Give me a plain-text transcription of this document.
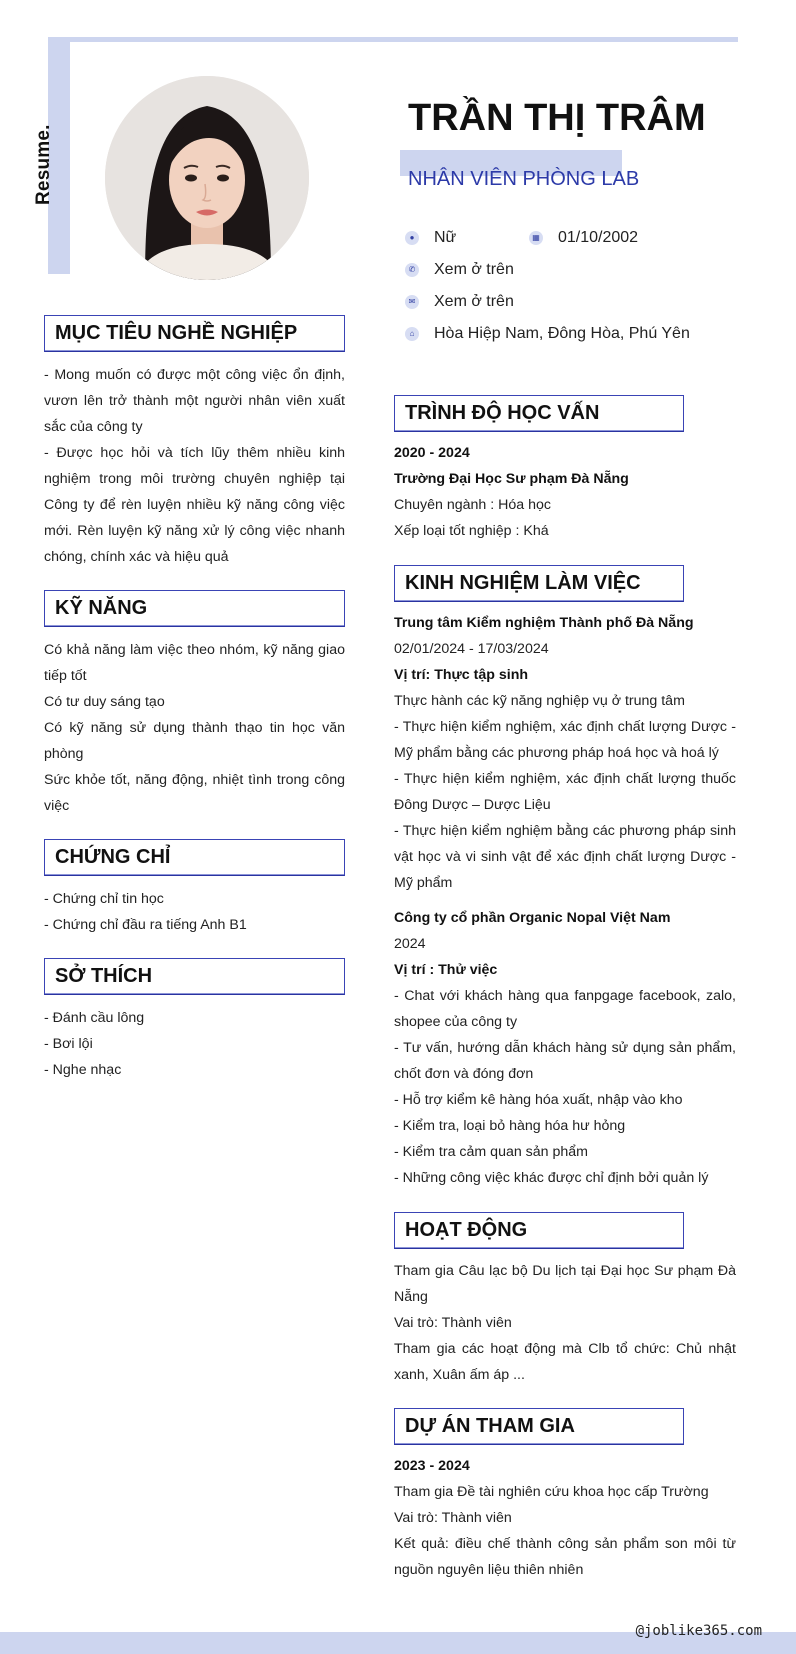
Resume.
TRẦN THỊ TRÂM
NHÂN VIÊN PHÒNG LAB
● Nữ	▦ 01/10/2002
✆ Xem ở trên
✉ Xem ở trên
⌂ Hòa Hiệp Nam, Đông Hòa, Phú Yên
MỤC TIÊU NGHỀ NGHIỆP

- Mong muốn có được một công việc ổn định, vươn lên trở thành một người nhân viên xuất sắc của công ty

- Được học hỏi và tích lũy thêm nhiều kinh nghiệm trong môi trường chuyên nghiệp tại Công ty để rèn luyện nhiều kỹ năng công việc mới. Rèn luyện kỹ năng xử lý công việc nhanh chóng, chính xác và hiệu quả

KỸ NĂNG

Có khả năng làm việc theo nhóm, kỹ năng giao tiếp tốt

Có tư duy sáng tạo

Có kỹ năng sử dụng thành thạo tin học văn phòng

Sức khỏe tốt, năng động, nhiệt tình trong công việc

CHỨNG CHỈ

- Chứng chỉ tin học

- Chứng chỉ đầu ra tiếng Anh B1

SỞ THÍCH

- Đánh cầu lông

- Bơi lội

- Nghe nhạc

TRÌNH ĐỘ HỌC VẤN

2020 - 2024

Trường Đại Học Sư phạm Đà Nẵng

Chuyên ngành : Hóa học

Xếp loại tốt nghiệp : Khá

KINH NGHIỆM LÀM VIỆC

Trung tâm Kiểm nghiệm Thành phố Đà Nẵng

02/01/2024 - 17/03/2024

Vị trí: Thực tập sinh

Thực hành các kỹ năng nghiệp vụ ở trung tâm

- Thực hiện kiểm nghiệm, xác định chất lượng Dược - Mỹ phẩm bằng các phương pháp hoá học và hoá lý

- Thực hiện kiểm nghiệm, xác định chất lượng thuốc Đông Dược – Dược Liệu

- Thực hiện kiểm nghiệm bằng các phương pháp sinh vật học và vi sinh vật để xác định chất lượng Dược - Mỹ phẩm

Công ty cổ phần Organic Nopal Việt Nam

2024

Vị trí : Thử việc

- Chat với khách hàng qua fanpgage facebook, zalo, shopee của công ty

- Tư vấn, hướng dẫn khách hàng sử dụng sản phẩm, chốt đơn và đóng đơn

- Hỗ trợ kiểm kê hàng hóa xuất, nhập vào kho

- Kiểm tra, loại bỏ hàng hóa hư hỏng

- Kiểm tra cảm quan sản phẩm

- Những công việc khác được chỉ định bởi quản lý

HOẠT ĐỘNG

Tham gia Câu lạc bộ Du lịch tại Đại học Sư phạm Đà Nẵng

Vai trò: Thành viên

Tham gia các hoạt động mà Clb tổ chức: Chủ nhật xanh, Xuân ấm áp ...

DỰ ÁN THAM GIA

2023 - 2024

Tham gia Đề tài nghiên cứu khoa học cấp Trường

Vai trò: Thành viên

Kết quả: điều chế thành công sản phẩm son môi từ nguồn nguyên liệu thiên nhiên

@joblike365.com
